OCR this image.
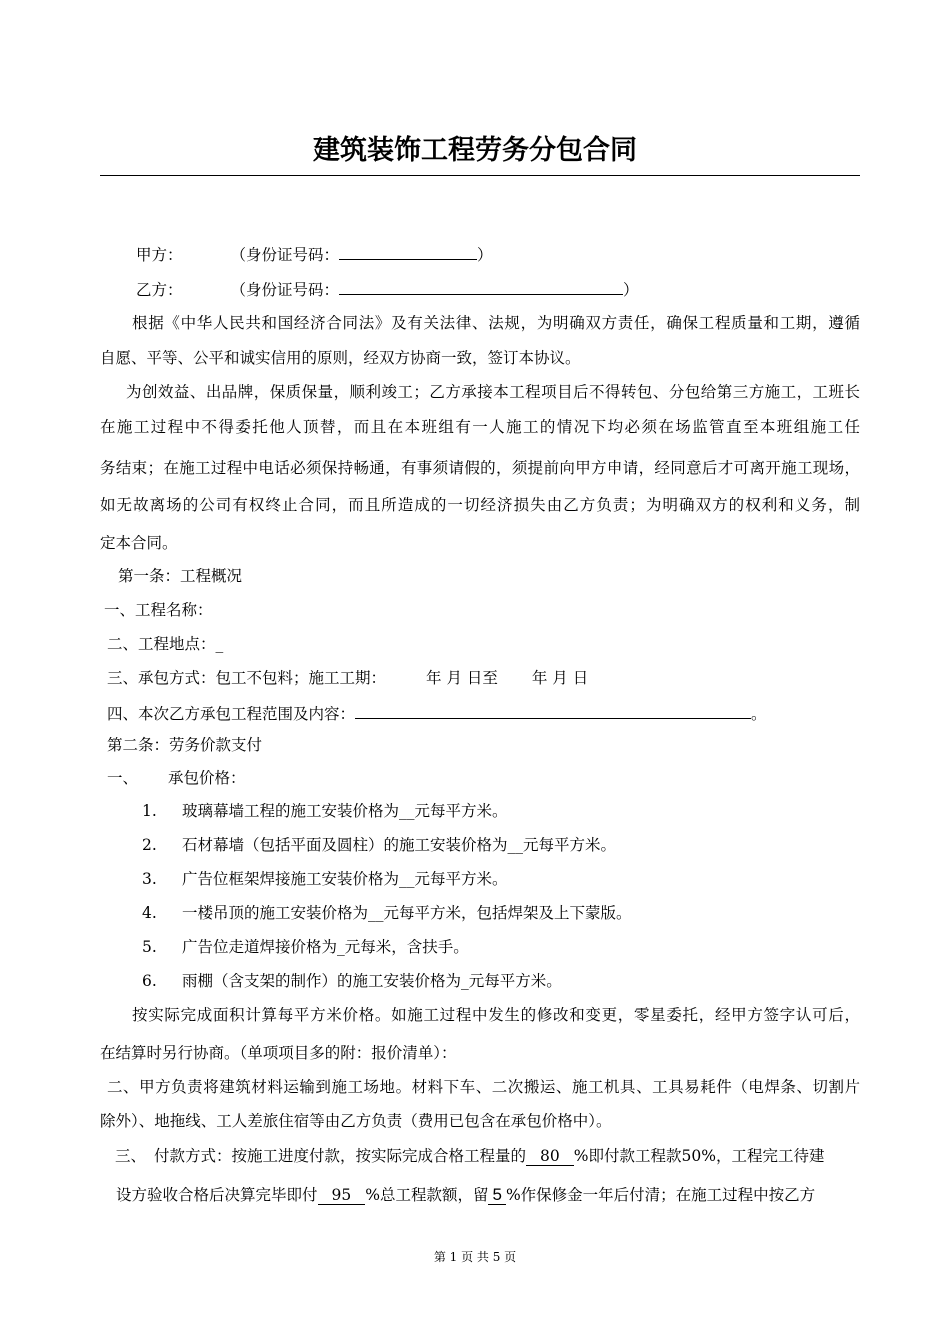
建筑装饰工程劳务分包合同
甲方：	（身份证号码：	）
乙方：	（身份证号码：	）
根据《中华人民共和国经济合同法》及有关法律、法规，为明确双方责任，确保工程质量和工期，遵循
自愿、平等、公平和诚实信用的原则，经双方协商一致，签订本协议。
为创效益、出品牌，保质保量，顺利竣工；乙方承接本工程项目后不得转包、分包给第三方施工，工班长
在施工过程中不得委托他人顶替，而且在本班组有一人施工的情况下均必须在场监管直至本班组施工任
务结束；在施工过程中电话必须保持畅通，有事须请假的，须提前向甲方申请，经同意后才可离开施工现场，
如无故离场的公司有权终止合同，而且所造成的一切经济损失由乙方负责；为明确双方的权利和义务，制
定本合同。
第一条：工程概况
一、工程名称：
二、工程地点：_
三、承包方式：包工不包料；施工工期：	年 月 日至 年 月 日
四、本次乙方承包工程范围及内容：	。
第二条：劳务价款支付
一、 承包价格：
1. 玻璃幕墙工程的施工安装价格为__元每平方米。
2. 石材幕墙（包括平面及圆柱）的施工安装价格为__元每平方米。
3. 广告位框架焊接施工安装价格为__元每平方米。
4. 一楼吊顶的施工安装价格为__元每平方米，包括焊架及上下蒙版。
5. 广告位走道焊接价格为_元每米，含扶手。
6. 雨棚（含支架的制作）的施工安装价格为_元每平方米。
按实际完成面积计算每平方米价格。如施工过程中发生的修改和变更，零星委托，经甲方签字认可后，
在结算时另行协商。（单项项目多的附：报价清单）：
二、甲方负责将建筑材料运输到施工场地。材料下车、二次搬运、施工机具、工具易耗件（电焊条、切割片
除外）、地拖线、工人差旅住宿等由乙方负责（费用已包含在承包价格中）。
三、 付款方式：按施工进度付款，按实际完成合格工程量的 80 %即付款工程款50%，工程完工待建
设方验收合格后决算完毕即付 95 %总工程款额，留 5 %作保修金一年后付清；在施工过程中按乙方
第 1 页 共 5 页
